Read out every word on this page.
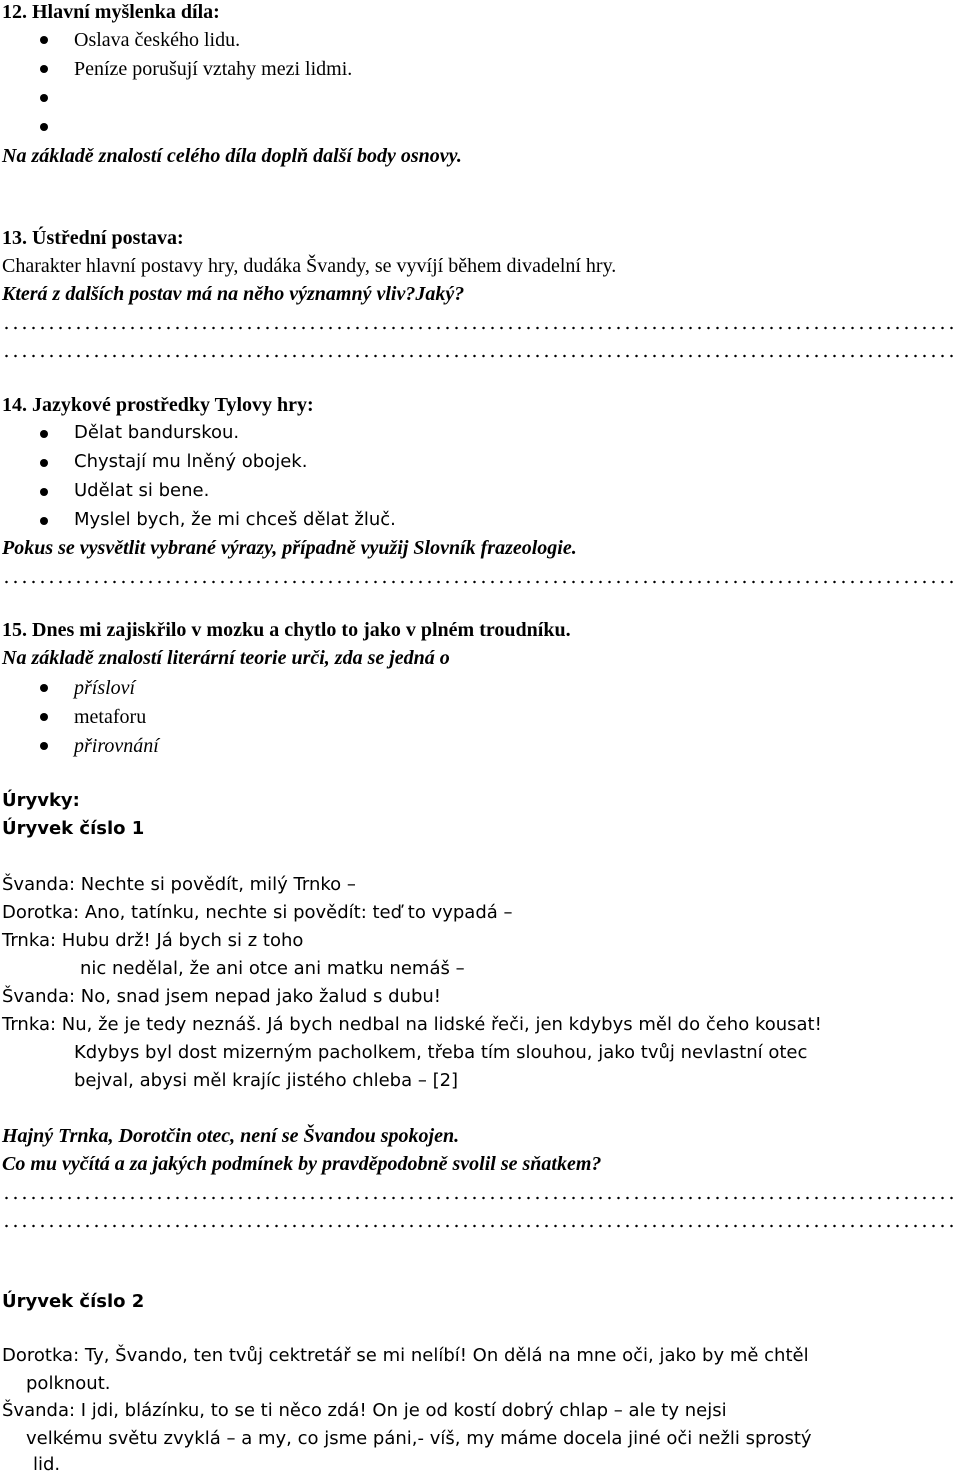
12. Hlavní myšlenka díla:
Oslava českého lidu.
Peníze porušují vztahy mezi lidmi.
Na základě znalostí celého díla doplň další body osnovy.
13. Ústřední postava:
Charakter hlavní postavy hry, dudáka Švandy, se vyvíjí během divadelní hry.
Která z dalších postav má na něho významný vliv?Jaký?
14. Jazykové prostředky Tylovy hry:
Dělat bandurskou.
Chystají mu lněný obojek.
Udělat si bene.
Myslel bych, že mi chceš dělat žluč.
Pokus se vysvětlit vybrané výrazy, případně využij Slovník frazeologie.
15. Dnes mi zajiskřilo v mozku a chytlo to jako v plném troudníku.
Na základě znalostí literární teorie urči, zda se jedná o
přísloví
metaforu
přirovnání
Úryvky:
Úryvek číslo 1
Švanda: Nechte si povědít, milý Trnko –
Dorotka: Ano, tatínku, nechte si povědít: teď to vypadá –
Trnka: Hubu drž! Já bych si z toho
nic nedělal, že ani otce ani matku nemáš –
Švanda: No, snad jsem nepad jako žalud s dubu!
Trnka: Nu, že je tedy neznáš. Já bych nedbal na lidské řeči, jen kdybys měl do čeho kousat!
Kdybys byl dost mizerným pacholkem, třeba tím slouhou, jako tvůj nevlastní otec
bejval, abysi měl krajíc jistého chleba – [2]
Hajný Trnka, Dorotčin otec, není se Švandou spokojen.
Co mu vyčítá a za jakých podmínek by pravděpodobně svolil se sňatkem?
Úryvek číslo 2
Dorotka: Ty, Švando, ten tvůj cektretář se mi nelíbí! On dělá na mne oči, jako by mě chtěl
polknout.
Švanda: I jdi, blázínku, to se ti něco zdá! On je od kostí dobrý chlap – ale ty nejsi
velkému světu zvyklá – a my, co jsme páni,- víš, my máme docela jiné oči nežli sprostý
lid.
